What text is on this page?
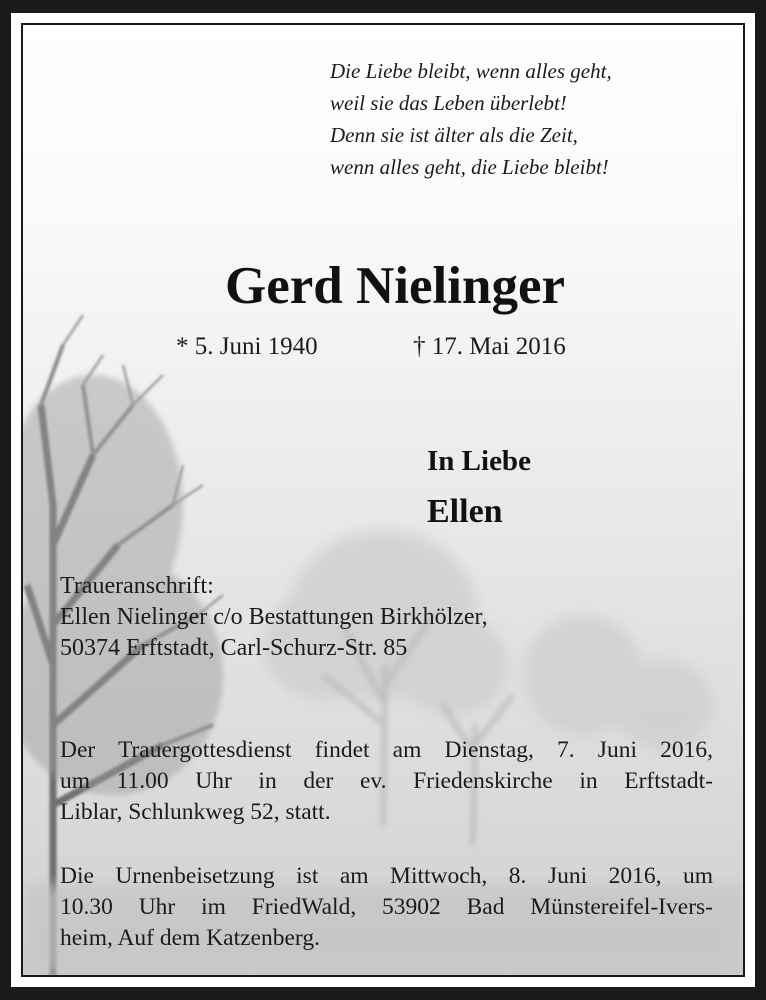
Die Liebe bleibt, wenn alles geht,
weil sie das Leben überlebt!
Denn sie ist älter als die Zeit,
wenn alles geht, die Liebe bleibt!
Gerd Nielinger
* 5. Juni 1940	† 17. Mai 2016
In Liebe
Ellen
Traueranschrift:
Ellen Nielinger c/o Bestattungen Birkhölzer,
50374 Erftstadt, Carl-Schurz-Str. 85
Der Trauergottesdienst findet am Dienstag, 7. Juni 2016,
um 11.00 Uhr in der ev. Friedenskirche in Erftstadt-
Liblar, Schlunkweg 52, statt.
Die Urnenbeisetzung ist am Mittwoch, 8. Juni 2016, um
10.30 Uhr im FriedWald, 53902 Bad Münstereifel-Ivers-
heim, Auf dem Katzenberg.
